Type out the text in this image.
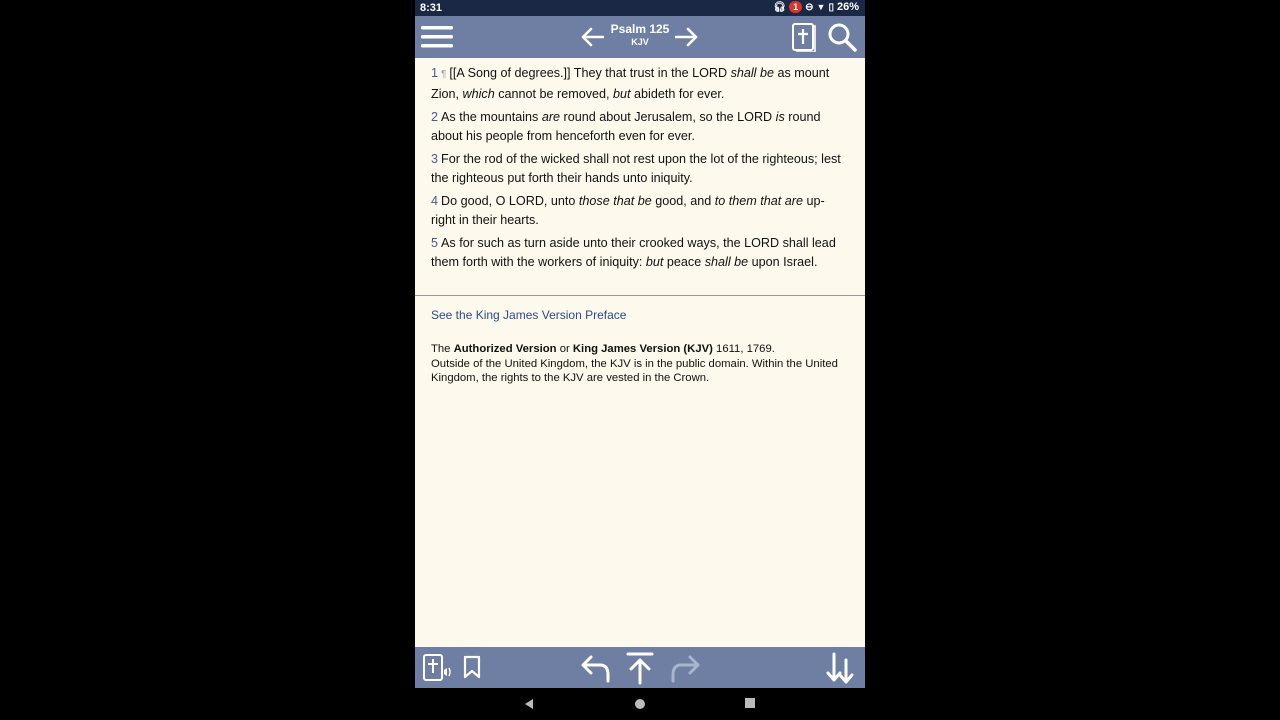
8:31	🎧︎ 1 ⊖ ▼ ▯ 26%
Psalm 125
KJV
1 ¶ [[A Song of degrees.]] They that trust in the LORD shall be as mount Zion, which cannot be removed, but abideth for ever.
2 As the mountains are round about Jerusalem, so the LORD is round about his people from henceforth even for ever.
3 For the rod of the wicked shall not rest upon the lot of the righteous; lest the righteous put forth their hands unto iniquity.
4 Do good, O LORD, unto those that be good, and to them that are up-right in their hearts.
5 As for such as turn aside unto their crooked ways, the LORD shall lead them forth with the workers of iniquity: but peace shall be upon Israel.
See the King James Version Preface
The Authorized Version or King James Version (KJV) 1611, 1769.
Outside of the United Kingdom, the KJV is in the public domain. Within the United Kingdom, the rights to the KJV are vested in the Crown.
